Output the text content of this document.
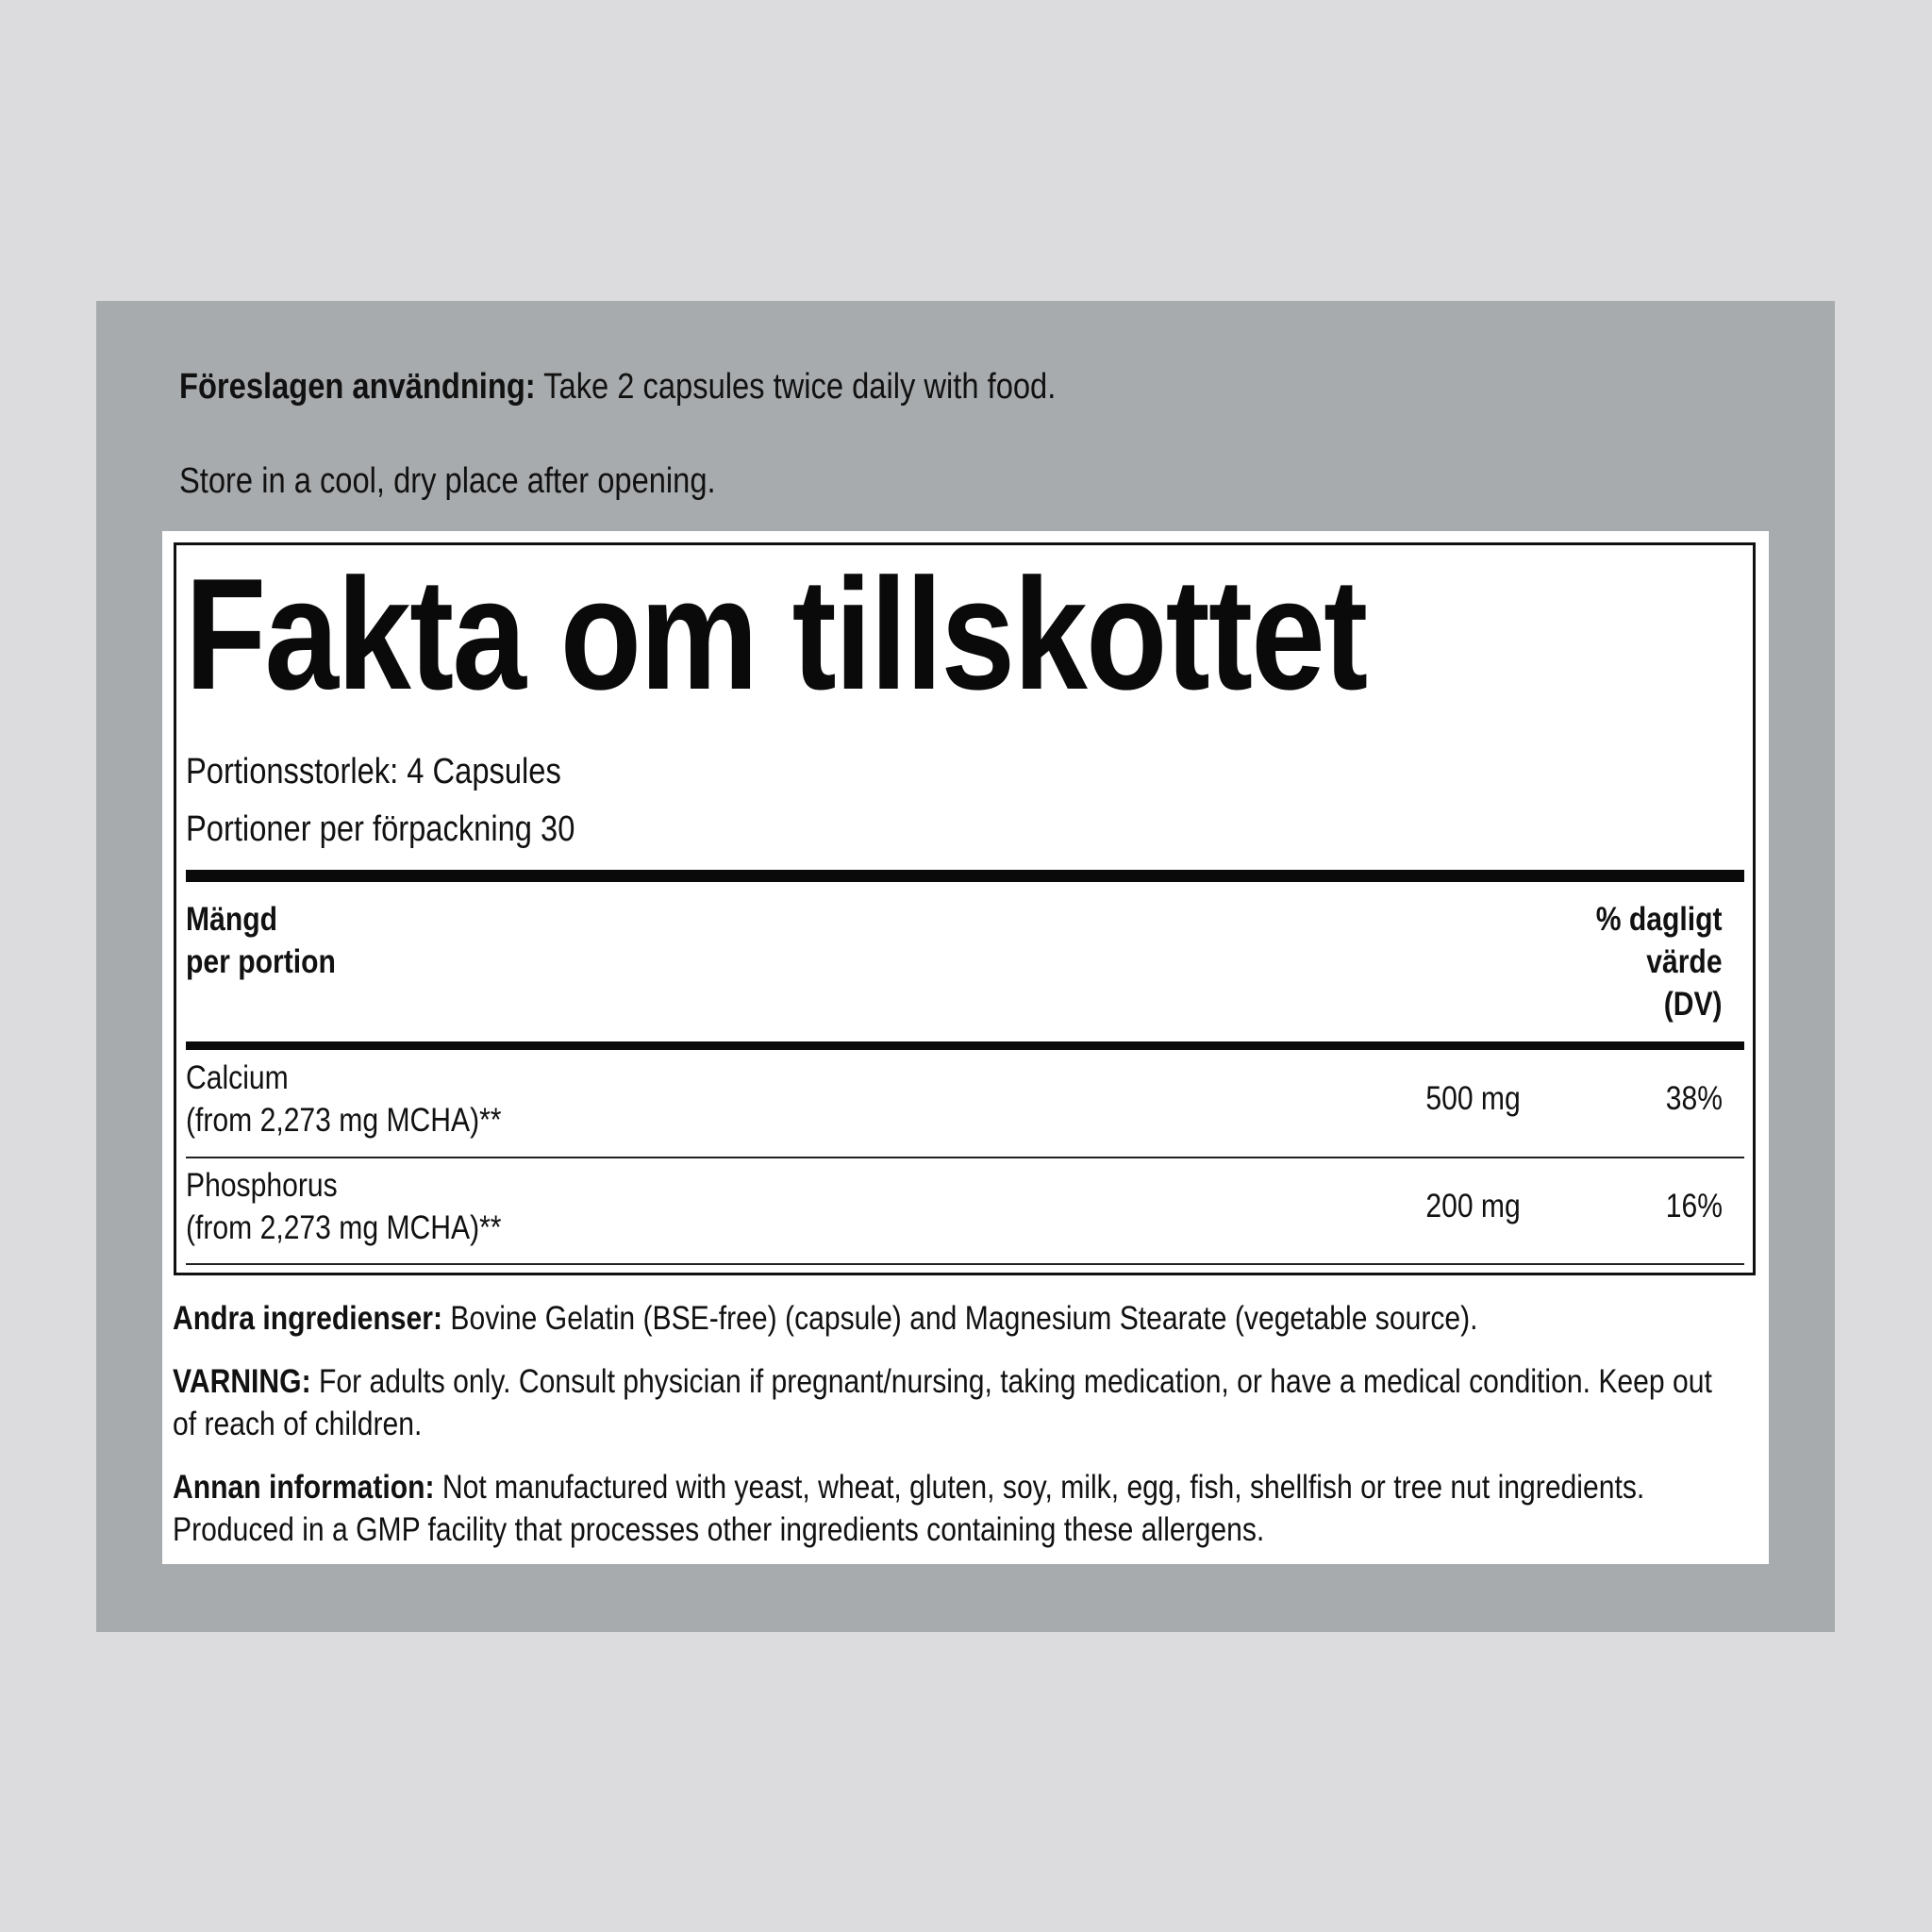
Föreslagen användning: Take 2 capsules twice daily with food.
Store in a cool, dry place after opening.
Fakta om tillskottet
Portionsstorlek: 4 Capsules
Portioner per förpackning 30
Mängd
per portion
% dagligt
värde
(DV)
Calcium
(from 2,273 mg MCHA)**
500 mg	38%
Phosphorus
(from 2,273 mg MCHA)**
200 mg	16%
Andra ingredienser: Bovine Gelatin (BSE-free) (capsule) and Magnesium Stearate (vegetable source).
VARNING: For adults only. Consult physician if pregnant/nursing, taking medication, or have a medical condition. Keep out of reach of children.
Annan information: Not manufactured with yeast, wheat, gluten, soy, milk, egg, fish, shellfish or tree nut ingredients. Produced in a GMP facility that processes other ingredients containing these allergens.
